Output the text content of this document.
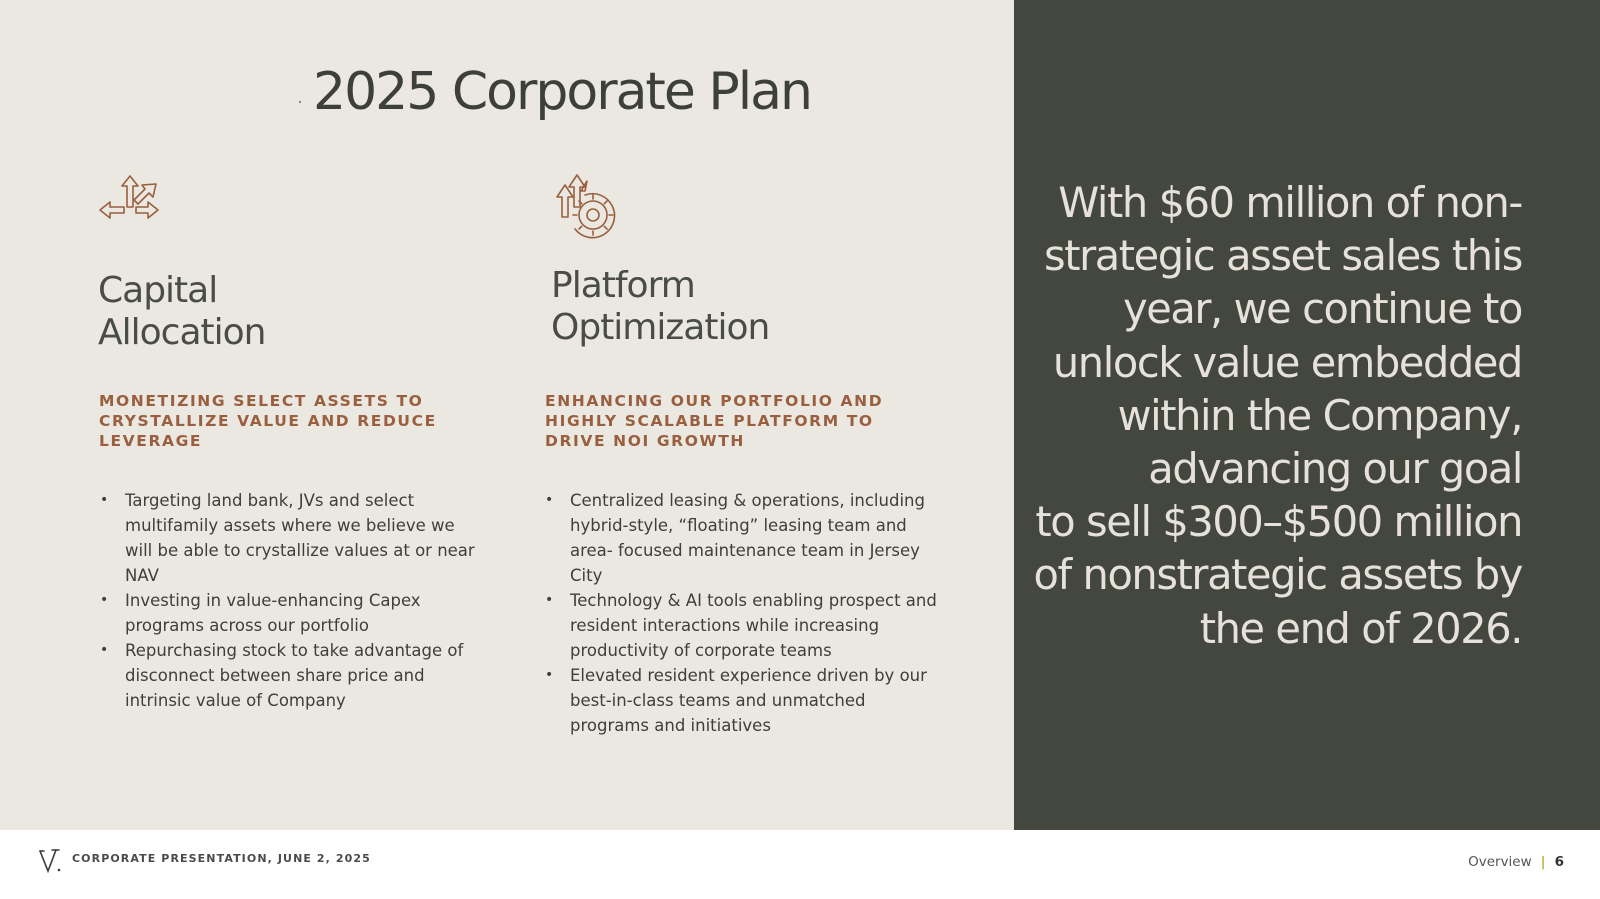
2025 Corporate Plan
Capital
Allocation

MONETIZING SELECT ASSETS TO CRYSTALLIZE VALUE AND REDUCE LEVERAGE

• Targeting land bank, JVs and select multifamily assets where we believe we will be able to crystallize values at or near NAV
• Investing in value-enhancing Capex programs across our portfolio
• Repurchasing stock to take advantage of disconnect between share price and intrinsic value of Company
Platform
Optimization

ENHANCING OUR PORTFOLIO AND HIGHLY SCALABLE PLATFORM TO DRIVE NOI GROWTH

• Centralized leasing & operations, including hybrid-style, “floating” leasing team and area- focused maintenance team in Jersey City
• Technology & AI tools enabling prospect and resident interactions while increasing productivity of corporate teams
• Elevated resident experience driven by our best-in-class teams and unmatched programs and initiatives

With $60 million of non-
strategic asset sales this
year, we continue to
unlock value embedded
within the Company,
advancing our goal
to sell $300–$500 million
of nonstrategic assets by
the end of 2026.

CORPORATE PRESENTATION, JUNE 2, 2025	Overview | 6
